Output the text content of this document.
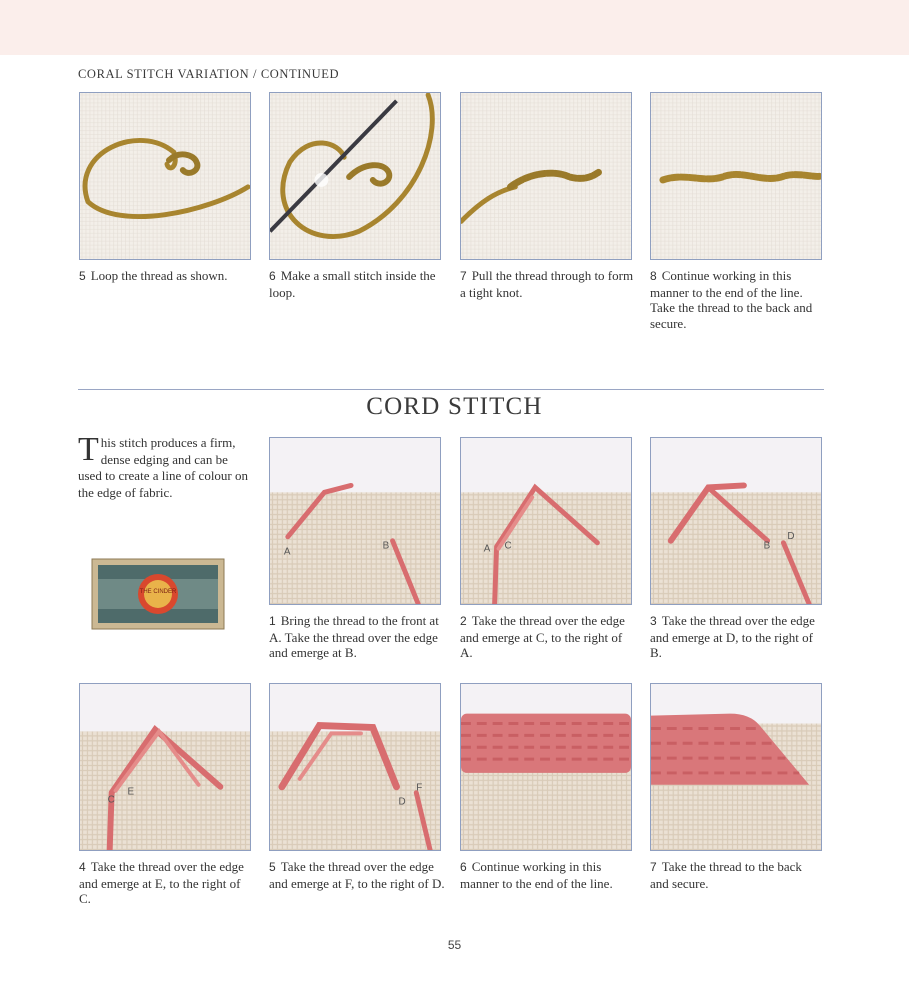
CORAL STITCH VARIATION / CONTINUED
5 Loop the thread as shown.	6 Make a small stitch inside the loop.
7 Pull the thread through to form a tight knot.
8 Continue working in this manner to the end of the line. Take the thread to the back and secure.
CORD STITCH
This stitch produces a firm, dense edging and can be used to create a line of colour on the edge of fabric.
THE CINDER
A
B	A C	B
D
1 Bring the thread to the front at A. Take the thread over the edge and emerge at B.
2 Take the thread over the edge and emerge at C, to the right of A.
3 Take the thread over the edge and emerge at D, to the right of B.
C
E
D
F
4 Take the thread over the edge and emerge at E, to the right of C.
5 Take the thread over the edge and emerge at F, to the right of D.
6 Continue working in this manner to the end of the line.
7 Take the thread to the back and secure.
55
